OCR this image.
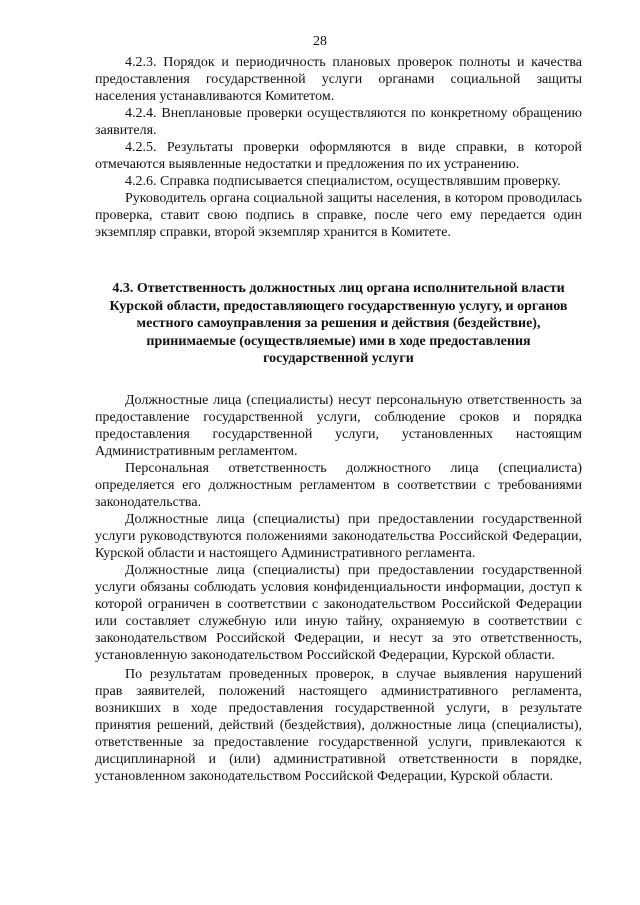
28

4.2.3. Порядок и периодичность плановых проверок полноты и качества предоставления государственной услуги органами социальной защиты населения устанавливаются Комитетом.

4.2.4. Внеплановые проверки осуществляются по конкретному обращению заявителя.

4.2.5. Результаты проверки оформляются в виде справки, в которой отмечаются выявленные недостатки и предложения по их устранению.

4.2.6. Справка подписывается специалистом, осуществлявшим проверку.

Руководитель органа социальной защиты населения, в котором проводилась проверка, ставит свою подпись в справке, после чего ему передается один экземпляр справки, второй экземпляр хранится в Комитете.

4.3. Ответственность должностных лиц органа исполнительной власти Курской области, предоставляющего государственную услугу, и органов местного самоуправления за решения и действия (бездействие), принимаемые (осуществляемые) ими в ходе предоставления государственной услуги

Должностные лица (специалисты) несут персональную ответственность за предоставление государственной услуги, соблюдение сроков и порядка предоставления государственной услуги, установленных настоящим Административным регламентом.

Персональная ответственность должностного лица (специалиста) определяется его должностным регламентом в соответствии с требованиями законодательства.

Должностные лица (специалисты) при предоставлении государственной услуги руководствуются положениями законодательства Российской Федерации, Курской области и настоящего Административного регламента.

Должностные лица (специалисты) при предоставлении государственной услуги обязаны соблюдать условия конфиденциальности информации, доступ к которой ограничен в соответствии с законодательством Российской Федерации или составляет служебную или иную тайну, охраняемую в соответствии с законодательством Российской Федерации, и несут за это ответственность, установленную законодательством Российской Федерации, Курской области.

По результатам проведенных проверок, в случае выявления нарушений прав заявителей, положений настоящего административного регламента, возникших в ходе предоставления государственной услуги, в результате принятия решений, действий (бездействия), должностные лица (специалисты), ответственные за предоставление государственной услуги, привлекаются к дисциплинарной и (или) административной ответственности в порядке, установленном законодательством Российской Федерации, Курской области.
